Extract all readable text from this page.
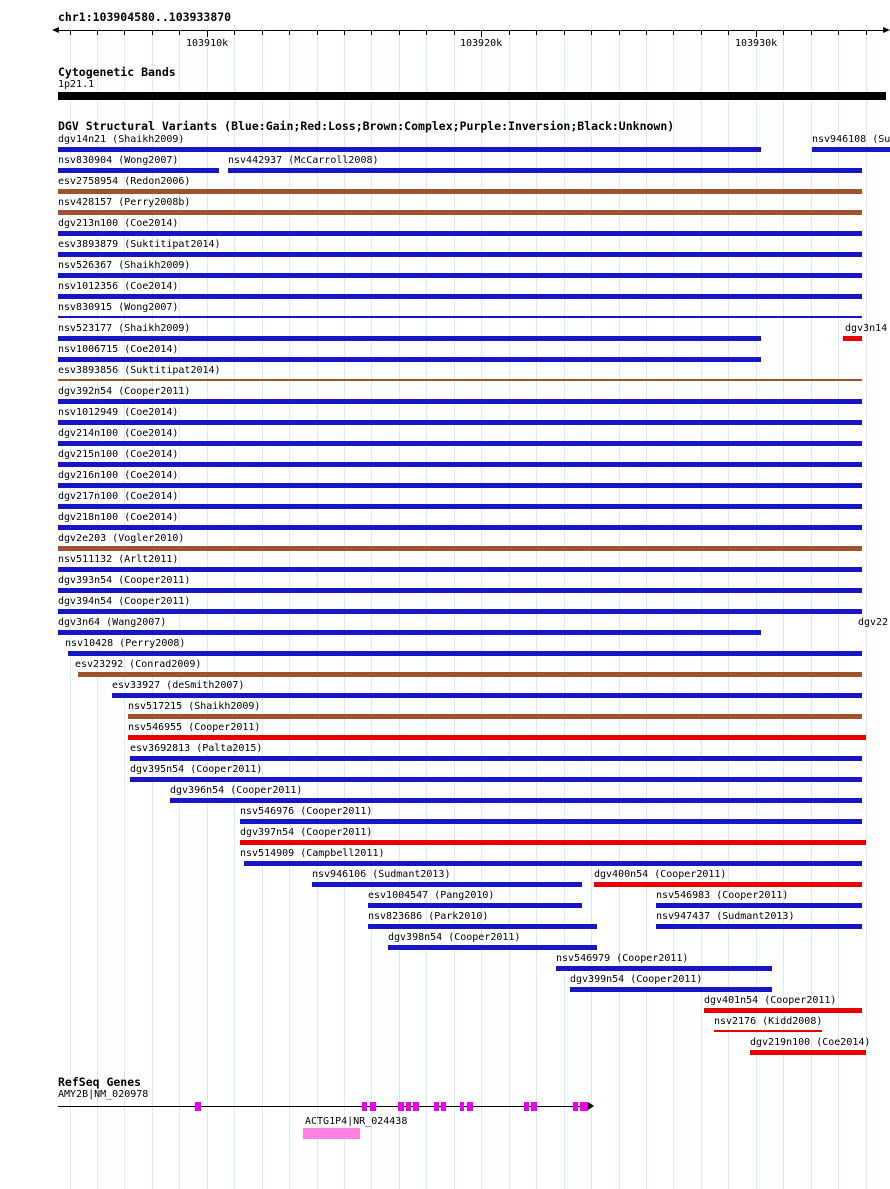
chr1:103904580..103933870
103910k	103920k	103930k
Cytogenetic Bands
1p21.1
DGV Structural Variants (Blue:Gain;Red:Loss;Brown:Complex;Purple:Inversion;Black:Unknown)
dgv14n21 (Shaikh2009)	nsv946108 (Su
nsv830904 (Wong2007)	nsv442937 (McCarroll2008)
esv2758954 (Redon2006)
nsv428157 (Perry2008b)
dgv213n100 (Coe2014)
esv3893879 (Suktitipat2014)
nsv526367 (Shaikh2009)
nsv1012356 (Coe2014)
nsv830915 (Wong2007)
nsv523177 (Shaikh2009)	dgv3n14
nsv1006715 (Coe2014)
esv3893856 (Suktitipat2014)
dgv392n54 (Cooper2011)
nsv1012949 (Coe2014)
dgv214n100 (Coe2014)
dgv215n100 (Coe2014)
dgv216n100 (Coe2014)
dgv217n100 (Coe2014)
dgv218n100 (Coe2014)
dgv2e203 (Vogler2010)
nsv511132 (Arlt2011)
dgv393n54 (Cooper2011)
dgv394n54 (Cooper2011)
dgv3n64 (Wang2007)	dgv22
nsv10428 (Perry2008)
esv23292 (Conrad2009)
esv33927 (deSmith2007)
nsv517215 (Shaikh2009)
nsv546955 (Cooper2011)
esv3692813 (Palta2015)
dgv395n54 (Cooper2011)
dgv396n54 (Cooper2011)
nsv546976 (Cooper2011)
dgv397n54 (Cooper2011)
nsv514909 (Campbell2011)
nsv946106 (Sudmant2013)	dgv400n54 (Cooper2011)
esv1004547 (Pang2010)	nsv546983 (Cooper2011)
nsv823686 (Park2010)	nsv947437 (Sudmant2013)
dgv398n54 (Cooper2011)
nsv546979 (Cooper2011)
dgv399n54 (Cooper2011)
dgv401n54 (Cooper2011)
nsv2176 (Kidd2008)
dgv219n100 (Coe2014)
RefSeq Genes
AMY2B|NM_020978
ACTG1P4|NR_024438
